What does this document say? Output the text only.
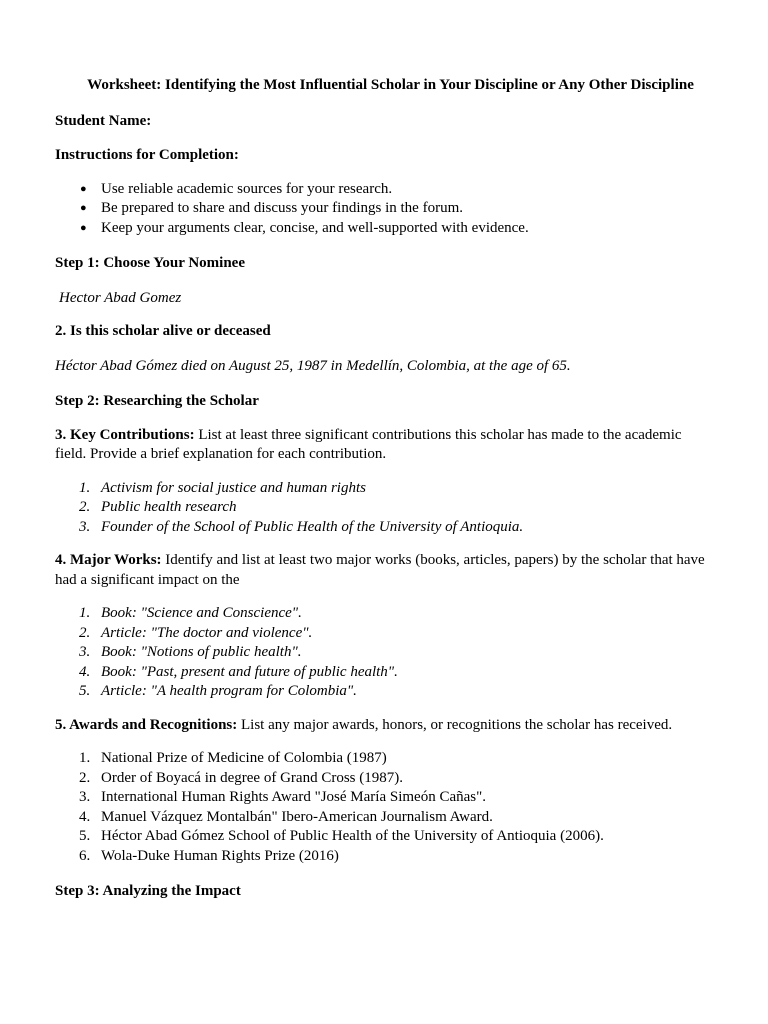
Worksheet: Identifying the Most Influential Scholar in Your Discipline or Any Other Discipline

Student Name:

Instructions for Completion:

● Use reliable academic sources for your research.
● Be prepared to share and discuss your findings in the forum.
● Keep your arguments clear, concise, and well-supported with evidence.

Step 1: Choose Your Nominee

Hector Abad Gomez

2. Is this scholar alive or deceased

Héctor Abad Gómez died on August 25, 1987 in Medellín, Colombia, at the age of 65.

Step 2: Researching the Scholar

3. Key Contributions: List at least three significant contributions this scholar has made to the academic field. Provide a brief explanation for each contribution.

1. Activism for social justice and human rights
2. Public health research
3. Founder of the School of Public Health of the University of Antioquia.

4. Major Works: Identify and list at least two major works (books, articles, papers) by the scholar that have had a significant impact on the

1. Book: "Science and Conscience".
2. Article: "The doctor and violence".
3. Book: "Notions of public health".
4. Book: "Past, present and future of public health".
5. Article: "A health program for Colombia".

5. Awards and Recognitions: List any major awards, honors, or recognitions the scholar has received.

1. National Prize of Medicine of Colombia (1987)
2. Order of Boyacá in degree of Grand Cross (1987).
3. International Human Rights Award "José María Simeón Cañas".
4. Manuel Vázquez Montalbán" Ibero-American Journalism Award.
5. Héctor Abad Gómez School of Public Health of the University of Antioquia (2006).
6. Wola-Duke Human Rights Prize (2016)

Step 3: Analyzing the Impact
